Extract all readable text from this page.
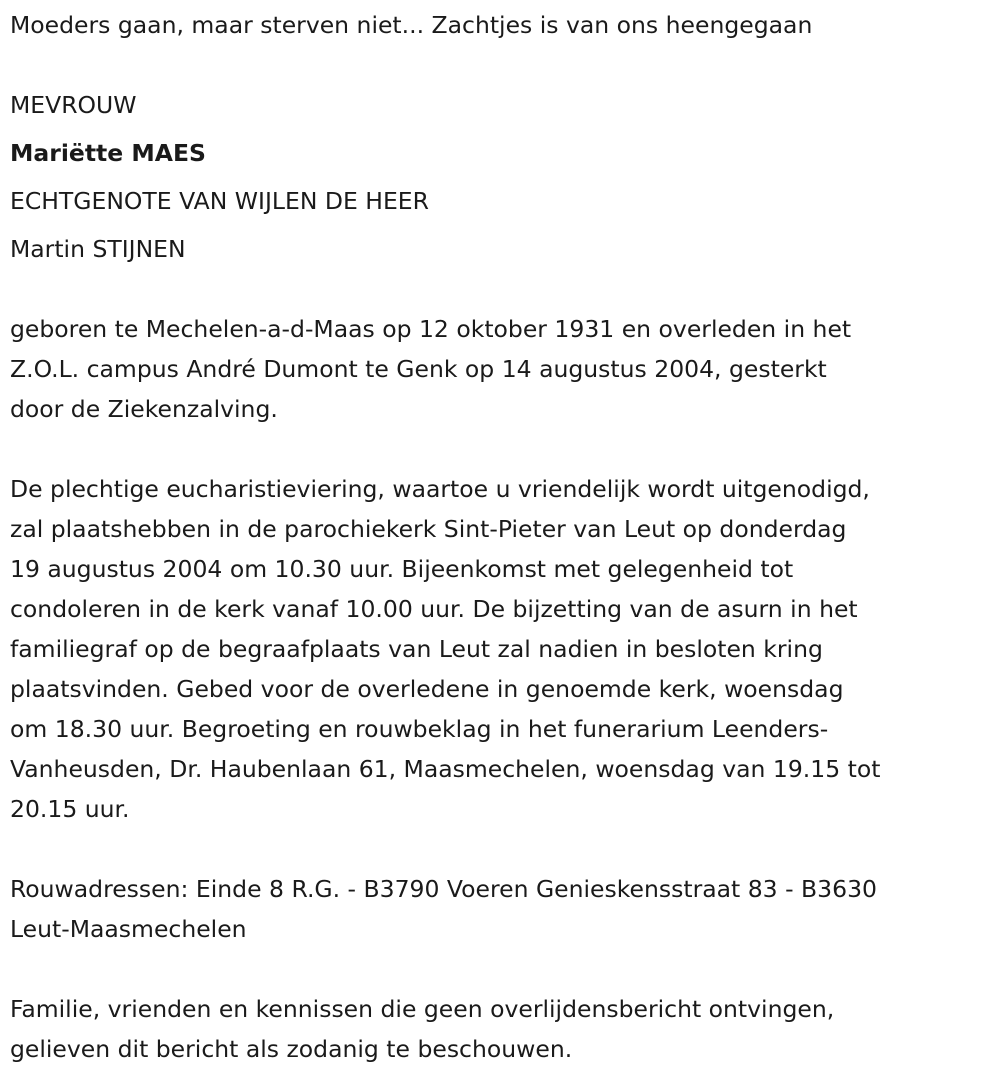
Moeders gaan, maar sterven niet... Zachtjes is van ons heengegaan

MEVROUW

Mariëtte MAES

ECHTGENOTE VAN WIJLEN DE HEER

Martin STIJNEN

geboren te Mechelen-a-d-Maas op 12 oktober 1931 en overleden in het
Z.O.L. campus André Dumont te Genk op 14 augustus 2004, gesterkt
door de Ziekenzalving.

De plechtige eucharistieviering, waartoe u vriendelijk wordt uitgenodigd,
zal plaatshebben in de parochiekerk Sint-Pieter van Leut op donderdag
19 augustus 2004 om 10.30 uur. Bijeenkomst met gelegenheid tot
condoleren in de kerk vanaf 10.00 uur. De bijzetting van de asurn in het
familiegraf op de begraafplaats van Leut zal nadien in besloten kring
plaatsvinden. Gebed voor de overledene in genoemde kerk, woensdag
om 18.30 uur. Begroeting en rouwbeklag in het funerarium Leenders-
Vanheusden, Dr. Haubenlaan 61, Maasmechelen, woensdag van 19.15 tot
20.15 uur.

Rouwadressen: Einde 8 R.G. - B3790 Voeren Genieskensstraat 83 - B3630
Leut-Maasmechelen

Familie, vrienden en kennissen die geen overlijdensbericht ontvingen,
gelieven dit bericht als zodanig te beschouwen.
